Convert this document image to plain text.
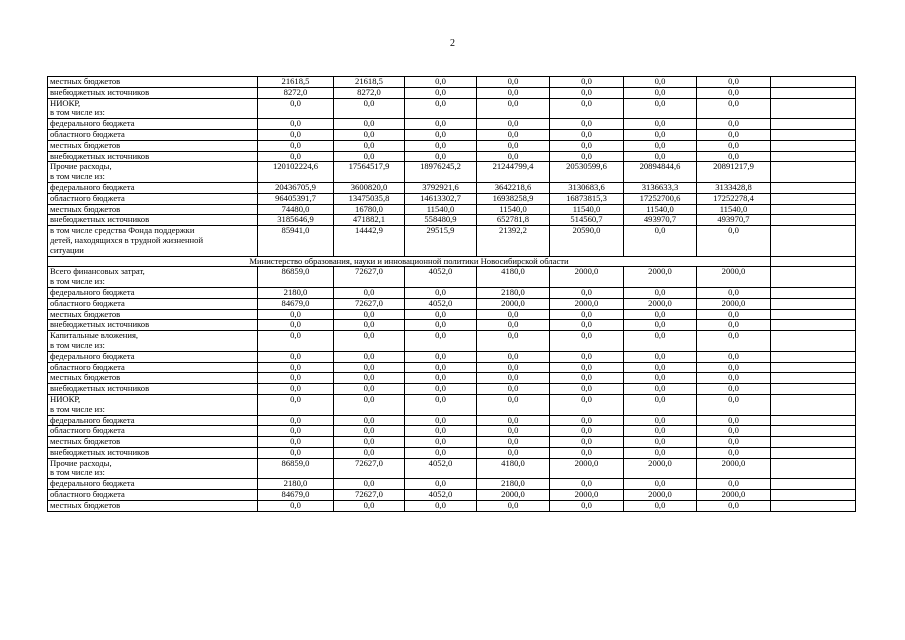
2
местных бюджетов	21618,5	21618,5	0,0	0,0	0,0	0,0	0,0	

внебюджетных источников	8272,0	8272,0	0,0	0,0	0,0	0,0	0,0	

НИОКР,
в том числе из:	0,0	0,0	0,0	0,0	0,0	0,0	0,0	

федерального бюджета	0,0	0,0	0,0	0,0	0,0	0,0	0,0	

областного бюджета	0,0	0,0	0,0	0,0	0,0	0,0	0,0	

местных бюджетов	0,0	0,0	0,0	0,0	0,0	0,0	0,0	

внебюджетных источников	0,0	0,0	0,0	0,0	0,0	0,0	0,0	

Прочие расходы,
в том числе из:	120102224,6	17564517,9	18976245,2	21244799,4	20530599,6	20894844,6	20891217,9	

федерального бюджета	20436705,9	3600820,0	3792921,6	3642218,6	3130683,6	3136633,3	3133428,8	

областного бюджета	96405391,7	13475035,8	14613302,7	16938258,9	16873815,3	17252700,6	17252278,4	

местных бюджетов	74480,0	16780,0	11540,0	11540,0	11540,0	11540,0	11540,0	

внебюджетных источников	3185646,9	471882,1	558480,9	652781,8	514560,7	493970,7	493970,7	

в том числе средства Фонда поддержки
детей, находящихся в трудной жизненной
ситуации	85941,0	14442,9	29515,9	21392,2	20590,0	0,0	0,0	
Министерство образования, науки и инновационной политики Новосибирской области								

Всего финансовых затрат,
в том числе из:	86859,0	72627,0	4052,0	4180,0	2000,0	2000,0	2000,0	

федерального бюджета	2180,0	0,0	0,0	2180,0	0,0	0,0	0,0	

областного бюджета	84679,0	72627,0	4052,0	2000,0	2000,0	2000,0	2000,0	

местных бюджетов	0,0	0,0	0,0	0,0	0,0	0,0	0,0	

внебюджетных источников	0,0	0,0	0,0	0,0	0,0	0,0	0,0	

Капитальные вложения,
в том числе из:	0,0	0,0	0,0	0,0	0,0	0,0	0,0	

федерального бюджета	0,0	0,0	0,0	0,0	0,0	0,0	0,0	

областного бюджета	0,0	0,0	0,0	0,0	0,0	0,0	0,0	

местных бюджетов	0,0	0,0	0,0	0,0	0,0	0,0	0,0	

внебюджетных источников	0,0	0,0	0,0	0,0	0,0	0,0	0,0	

НИОКР,
в том числе из:	0,0	0,0	0,0	0,0	0,0	0,0	0,0	

федерального бюджета	0,0	0,0	0,0	0,0	0,0	0,0	0,0	

областного бюджета	0,0	0,0	0,0	0,0	0,0	0,0	0,0	

местных бюджетов	0,0	0,0	0,0	0,0	0,0	0,0	0,0	

внебюджетных источников	0,0	0,0	0,0	0,0	0,0	0,0	0,0	

Прочие расходы,
в том числе из:	86859,0	72627,0	4052,0	4180,0	2000,0	2000,0	2000,0	

федерального бюджета	2180,0	0,0	0,0	2180,0	0,0	0,0	0,0	

областного бюджета	84679,0	72627,0	4052,0	2000,0	2000,0	2000,0	2000,0	

местных бюджетов	0,0	0,0	0,0	0,0	0,0	0,0	0,0	
